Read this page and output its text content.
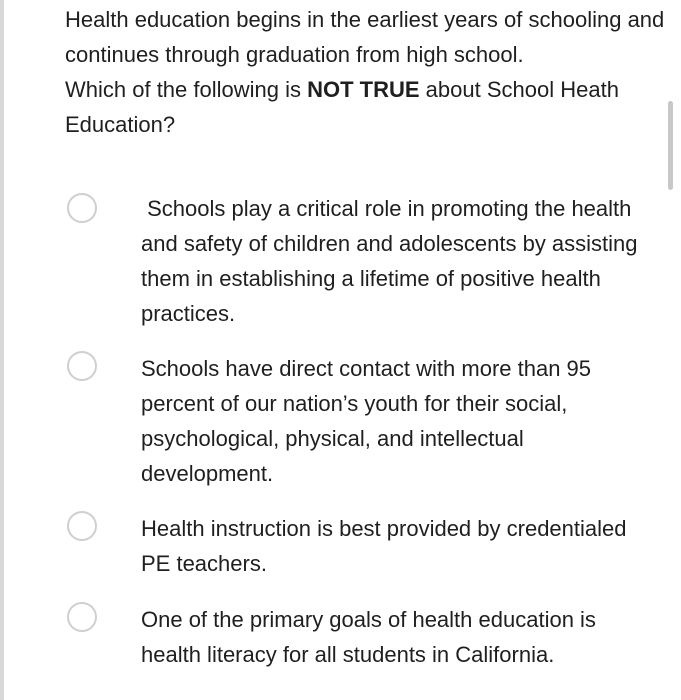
Health education begins in the earliest years of schooling and continues through graduation from high school.

Which of the following is NOT TRUE about School Heath Education?

Schools play a critical role in promoting the health and safety of children and adolescents by assisting them in establishing a lifetime of positive health practices.
Schools have direct contact with more than 95 percent of our nation’s youth for their social, psychological, physical, and intellectual development.
Health instruction is best provided by credentialed PE teachers.
One of the primary goals of health education is health literacy for all students in California.
